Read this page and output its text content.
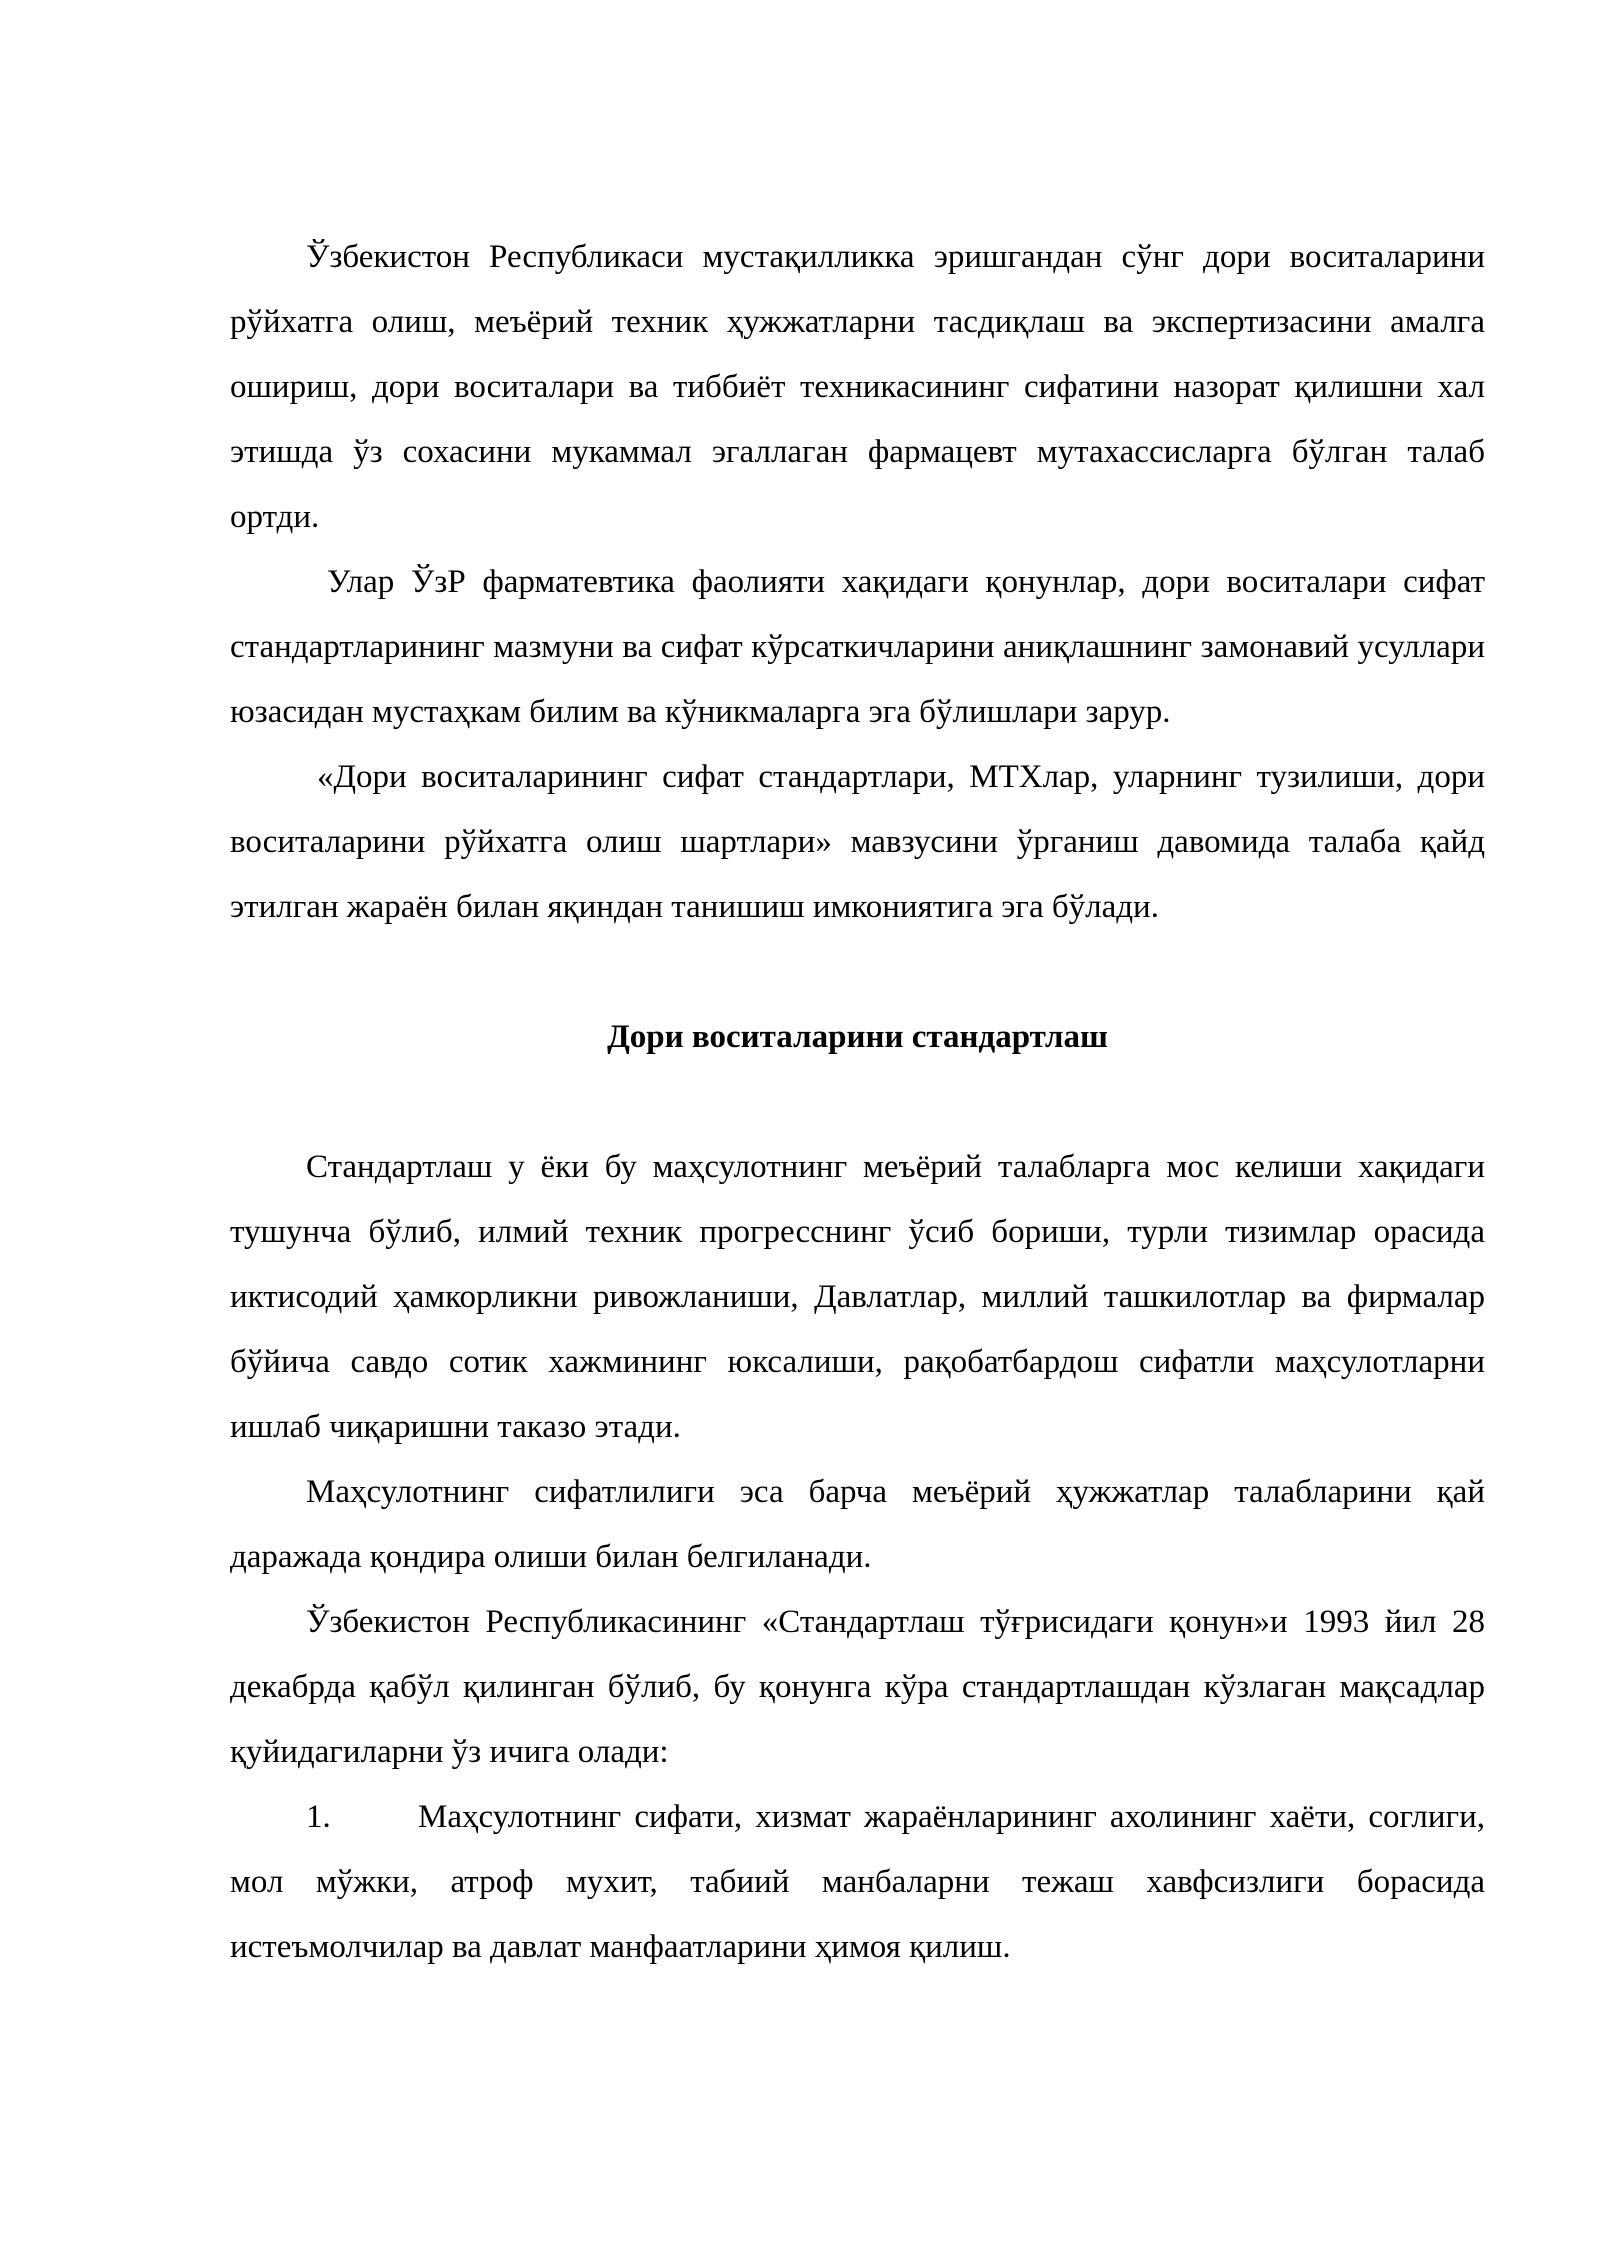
Ўзбекистон Республикаси мустақилликка эришгандан сўнг дори воситаларини рўйхатга олиш, меъёрий техник ҳужжатларни тасдиқлаш ва экспертизасини амалга ошириш, дори воситалари ва тиббиёт техникасининг сифатини назорат қилишни хал этишда ўз сохасини мукаммал эгаллаган фармацевт мутахассисларга бўлган талаб ортди.

Улар ЎзР фарматевтика фаолияти хақидаги қонунлар, дори воситалари сифат стандартларининг мазмуни ва сифат кўрсаткичларини аниқлашнинг замонавий усуллари юзасидан мустаҳкам билим ва кўникмаларга эга бўлишлари зарур.

«Дори воситаларининг сифат стандартлари, МТХлар, уларнинг тузилиши, дори воситаларини рўйхатга олиш шартлари» мавзусини ўрганиш давомида талаба қайд этилган жараён билан яқиндан танишиш имкониятига эга бўлади.

Дори воситаларини стандартлаш

Стандартлаш у ёки бу маҳсулотнинг меъёрий талабларга мос келиши хақидаги тушунча бўлиб, илмий техник прогресснинг ўсиб бориши, турли тизимлар орасида иктисодий ҳамкорликни ривожланиши, Давлатлар, миллий ташкилотлар ва фирмалар бўйича савдо сотик хажмининг юксалиши, рақобатбардош сифатли маҳсулотларни ишлаб чиқаришни таказо этади.

Маҳсулотнинг сифатлилиги эса барча меъёрий ҳужжатлар талабларини қай даражада қондира олиши билан белгиланади.

Ўзбекистон Республикасининг «Стандартлаш тўғрисидаги қонун»и 1993 йил 28 декабрда қабўл қилинган бўлиб, бу қонунга кўра стандартлашдан кўзлаган мақсадлар қуйидагиларни ўз ичига олади:

1.	Маҳсулотнинг сифати, хизмат жараёнларининг ахолининг хаёти, соглиги, мол мўжки, атроф мухит, табиий манбаларни тежаш хавфсизлиги борасида истеъмолчилар ва давлат манфаатларини ҳимоя қилиш.
